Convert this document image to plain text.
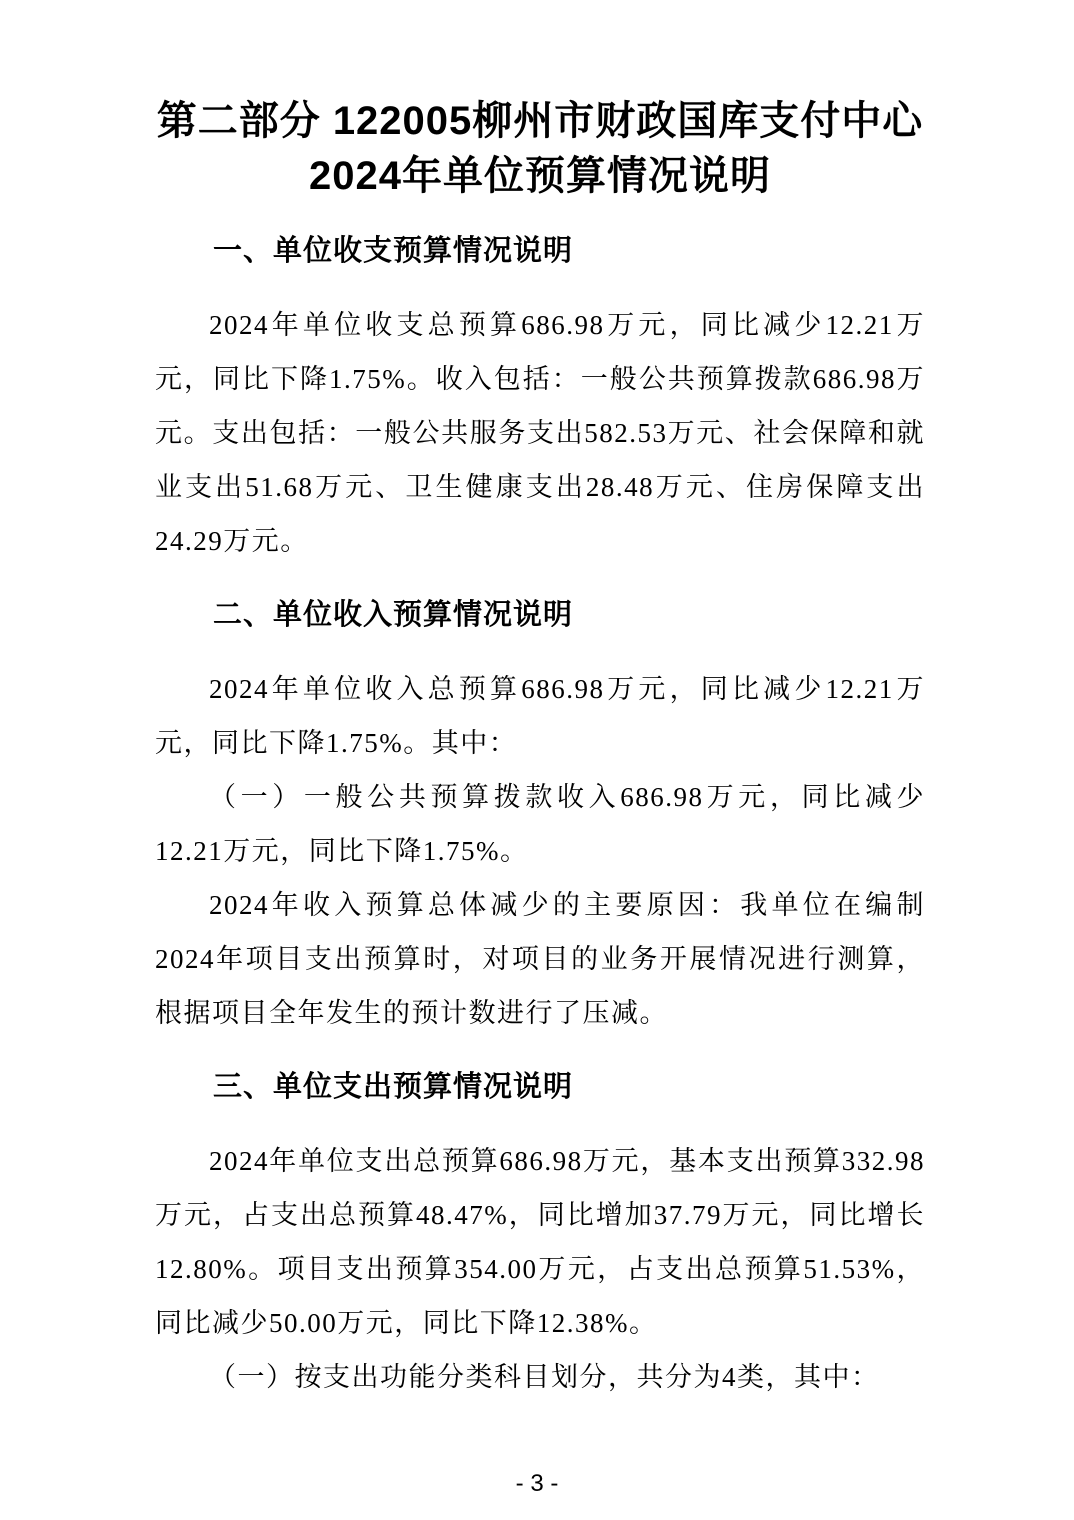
第二部分 122005柳州市财政国库支付中心
2024年单位预算情况说明
一、单位收支预算情况说明

2024年单位收支总预算686.98万元，同比减少12.21万元，同比下降1.75%。收入包括：一般公共预算拨款686.98万元。支出包括：一般公共服务支出582.53万元、社会保障和就业支出51.68万元、卫生健康支出28.48万元、住房保障支出24.29万元。

二、单位收入预算情况说明

2024年单位收入总预算686.98万元，同比减少12.21万元，同比下降1.75%。其中：

（一）一般公共预算拨款收入686.98万元，同比减少12.21万元，同比下降1.75%。

2024年收入预算总体减少的主要原因：我单位在编制2024年项目支出预算时，对项目的业务开展情况进行测算，根据项目全年发生的预计数进行了压减。

三、单位支出预算情况说明

2024年单位支出总预算686.98万元，基本支出预算332.98万元，占支出总预算48.47%，同比增加37.79万元，同比增长12.80%。项目支出预算354.00万元，占支出总预算51.53%，同比减少50.00万元，同比下降12.38%。

（一）按支出功能分类科目划分，共分为4类，其中：

- 3 -
